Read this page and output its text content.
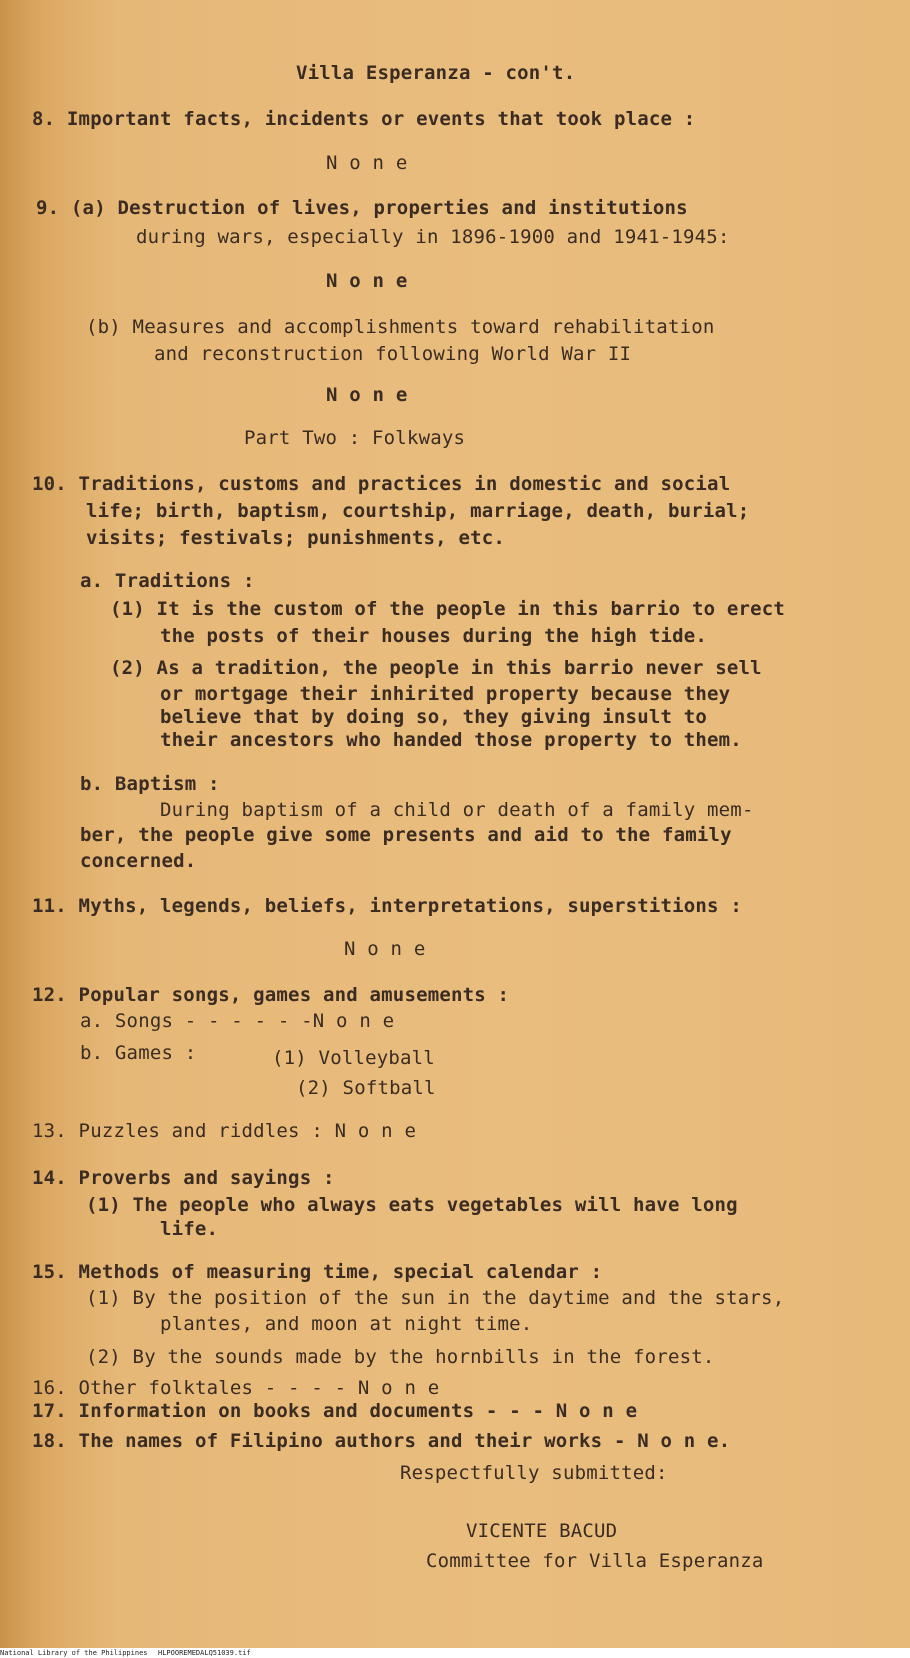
Villa Esperanza - con't.
8. Important facts, incidents or events that took place :
N o n e
9. (a) Destruction of lives, properties and institutions
during wars, especially in 1896-1900 and 1941-1945:
N o n e
(b) Measures and accomplishments toward rehabilitation
and reconstruction following World War II
N o n e
Part Two : Folkways
10. Traditions, customs and practices in domestic and social
life; birth, baptism, courtship, marriage, death, burial;
visits; festivals; punishments, etc.
a. Traditions :
(1) It is the custom of the people in this barrio to erect
the posts of their houses during the high tide.
(2) As a tradition, the people in this barrio never sell
or mortgage their inhirited property because they
believe that by doing so, they giving insult to
their ancestors who handed those property to them.
b. Baptism :
During baptism of a child or death of a family mem-
ber, the people give some presents and aid to the family
concerned.
11. Myths, legends, beliefs, interpretations, superstitions :
N o n e
12. Popular songs, games and amusements :
a. Songs - - - - - -N o n e
b. Games :	(1) Volleyball
(2) Softball
13. Puzzles and riddles : N o n e
14. Proverbs and sayings :
(1) The people who always eats vegetables will have long
life.
15. Methods of measuring time, special calendar :
(1) By the position of the sun in the daytime and the stars,
plantes, and moon at night time.
(2) By the sounds made by the hornbills in the forest.
16. Other folktales - - - - N o n e
17. Information on books and documents - - - N o n e
18. The names of Filipino authors and their works - N o n e.
Respectfully submitted:
VICENTE BACUD
Committee for Villa Esperanza
National Library of the Philippines HLPOOREMEDALQ51039.tif
